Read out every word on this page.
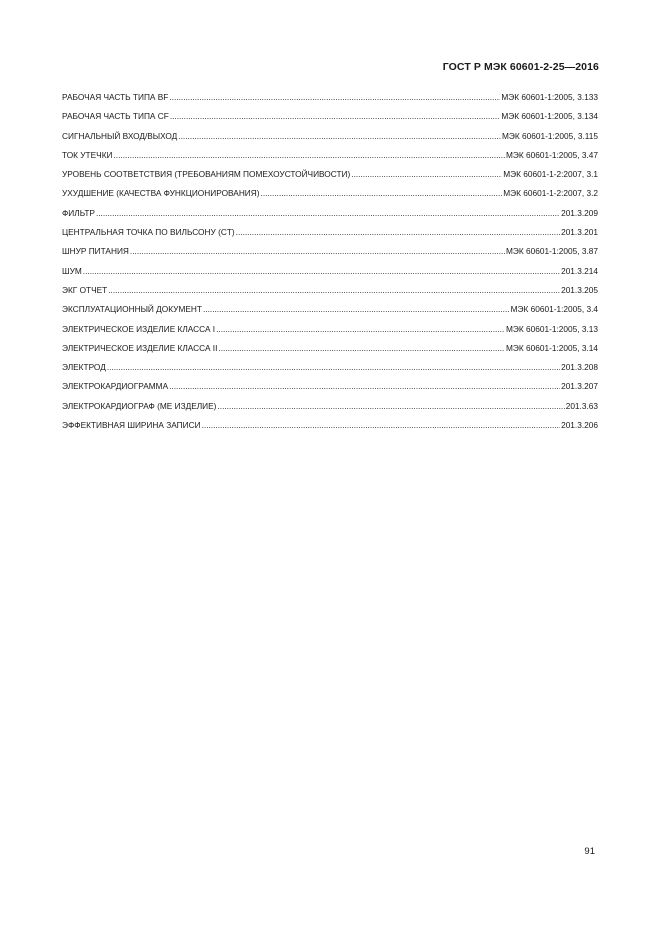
ГОСТ Р МЭК 60601-2-25—2016
РАБОЧАЯ ЧАСТЬ ТИПА BF .....	МЭК 60601-1:2005, 3.133
РАБОЧАЯ ЧАСТЬ ТИПА CF .....	МЭК 60601-1:2005, 3.134
СИГНАЛЬНЫЙ ВХОД/ВЫХОД .....	МЭК 60601-1:2005, 3.115
ТОК УТЕЧКИ .....	МЭК 60601-1:2005, 3.47
УРОВЕНЬ СООТВЕТСТВИЯ (ТРЕБОВАНИЯМ ПОМЕХОУСТОЙЧИВОСТИ) .....	МЭК 60601-1-2:2007, 3.1
УХУДШЕНИЕ (КАЧЕСТВА ФУНКЦИОНИРОВАНИЯ) .....	МЭК 60601-1-2:2007, 3.2
ФИЛЬТР .....	201.3.209
ЦЕНТРАЛЬНАЯ ТОЧКА ПО ВИЛЬСОНУ (CT) .....	201.3.201
ШНУР ПИТАНИЯ .....	МЭК 60601-1:2005, 3.87
ШУМ .....	201.3.214
ЭКГ ОТЧЕТ .....	201.3.205
ЭКСПЛУАТАЦИОННЫЙ ДОКУМЕНТ .....	МЭК 60601-1:2005, 3.4
ЭЛЕКТРИЧЕСКОЕ ИЗДЕЛИЕ КЛАССА I .....	МЭК 60601-1:2005, 3.13
ЭЛЕКТРИЧЕСКОЕ ИЗДЕЛИЕ КЛАССА II .....	МЭК 60601-1:2005, 3.14
ЭЛЕКТРОД .....	201.3.208
ЭЛЕКТРОКАРДИОГРАММА .....	201.3.207
ЭЛЕКТРОКАРДИОГРАФ (МЕ ИЗДЕЛИЕ) .....	201.3.63
ЭФФЕКТИВНАЯ ШИРИНА ЗАПИСИ .....	201.3.206
91
